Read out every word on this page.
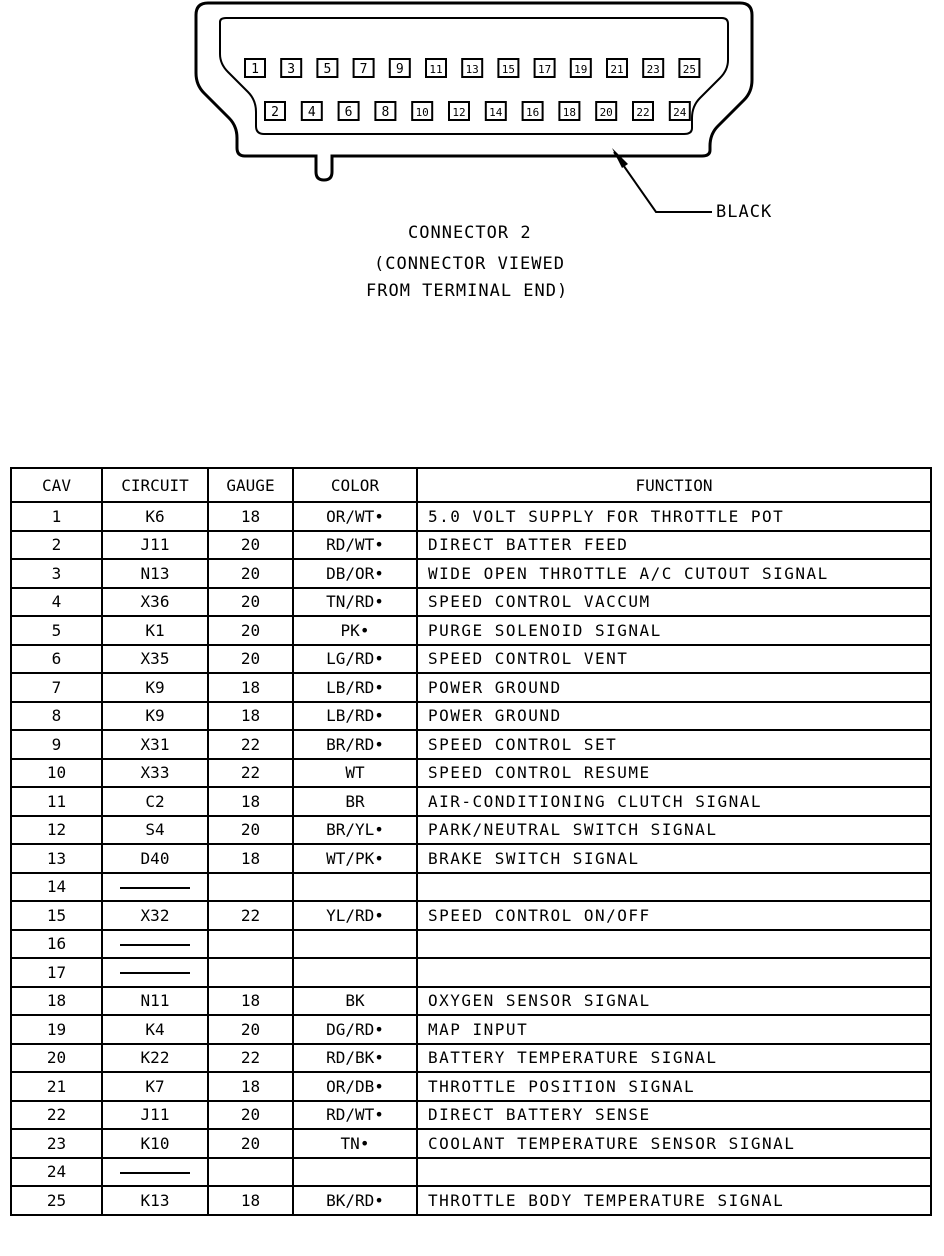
1 3 5 7 9 11 13 15 17 19 21 23 25
2 4 6 8 10 12 14 16 18 20 22 24
BLACK
CONNECTOR 2
(CONNECTOR VIEWED
FROM TERMINAL END)
CAV	CIRCUIT	GAUGE	COLOR	FUNCTION
1	K6	18	OR/WT•	5.0 VOLT SUPPLY FOR THROTTLE POT
2	J11	20	RD/WT•	DIRECT BATTER FEED
3	N13	20	DB/OR•	WIDE OPEN THROTTLE A/C CUTOUT SIGNAL
4	X36	20	TN/RD•	SPEED CONTROL VACCUM
5	K1	20	PK•	PURGE SOLENOID SIGNAL
6	X35	20	LG/RD•	SPEED CONTROL VENT
7	K9	18	LB/RD•	POWER GROUND
8	K9	18	LB/RD•	POWER GROUND
9	X31	22	BR/RD•	SPEED CONTROL SET
10	X33	22	WT	SPEED CONTROL RESUME
11	C2	18	BR	AIR-CONDITIONING CLUTCH SIGNAL
12	S4	20	BR/YL•	PARK/NEUTRAL SWITCH SIGNAL
13	D40	18	WT/PK•	BRAKE SWITCH SIGNAL
14				
15	X32	22	YL/RD•	SPEED CONTROL ON/OFF
16				
17				
18	N11	18	BK	OXYGEN SENSOR SIGNAL
19	K4	20	DG/RD•	MAP INPUT
20	K22	22	RD/BK•	BATTERY TEMPERATURE SIGNAL
21	K7	18	OR/DB•	THROTTLE POSITION SIGNAL
22	J11	20	RD/WT•	DIRECT BATTERY SENSE
23	K10	20	TN•	COOLANT TEMPERATURE SENSOR SIGNAL
24				
25	K13	18	BK/RD•	THROTTLE BODY TEMPERATURE SIGNAL
